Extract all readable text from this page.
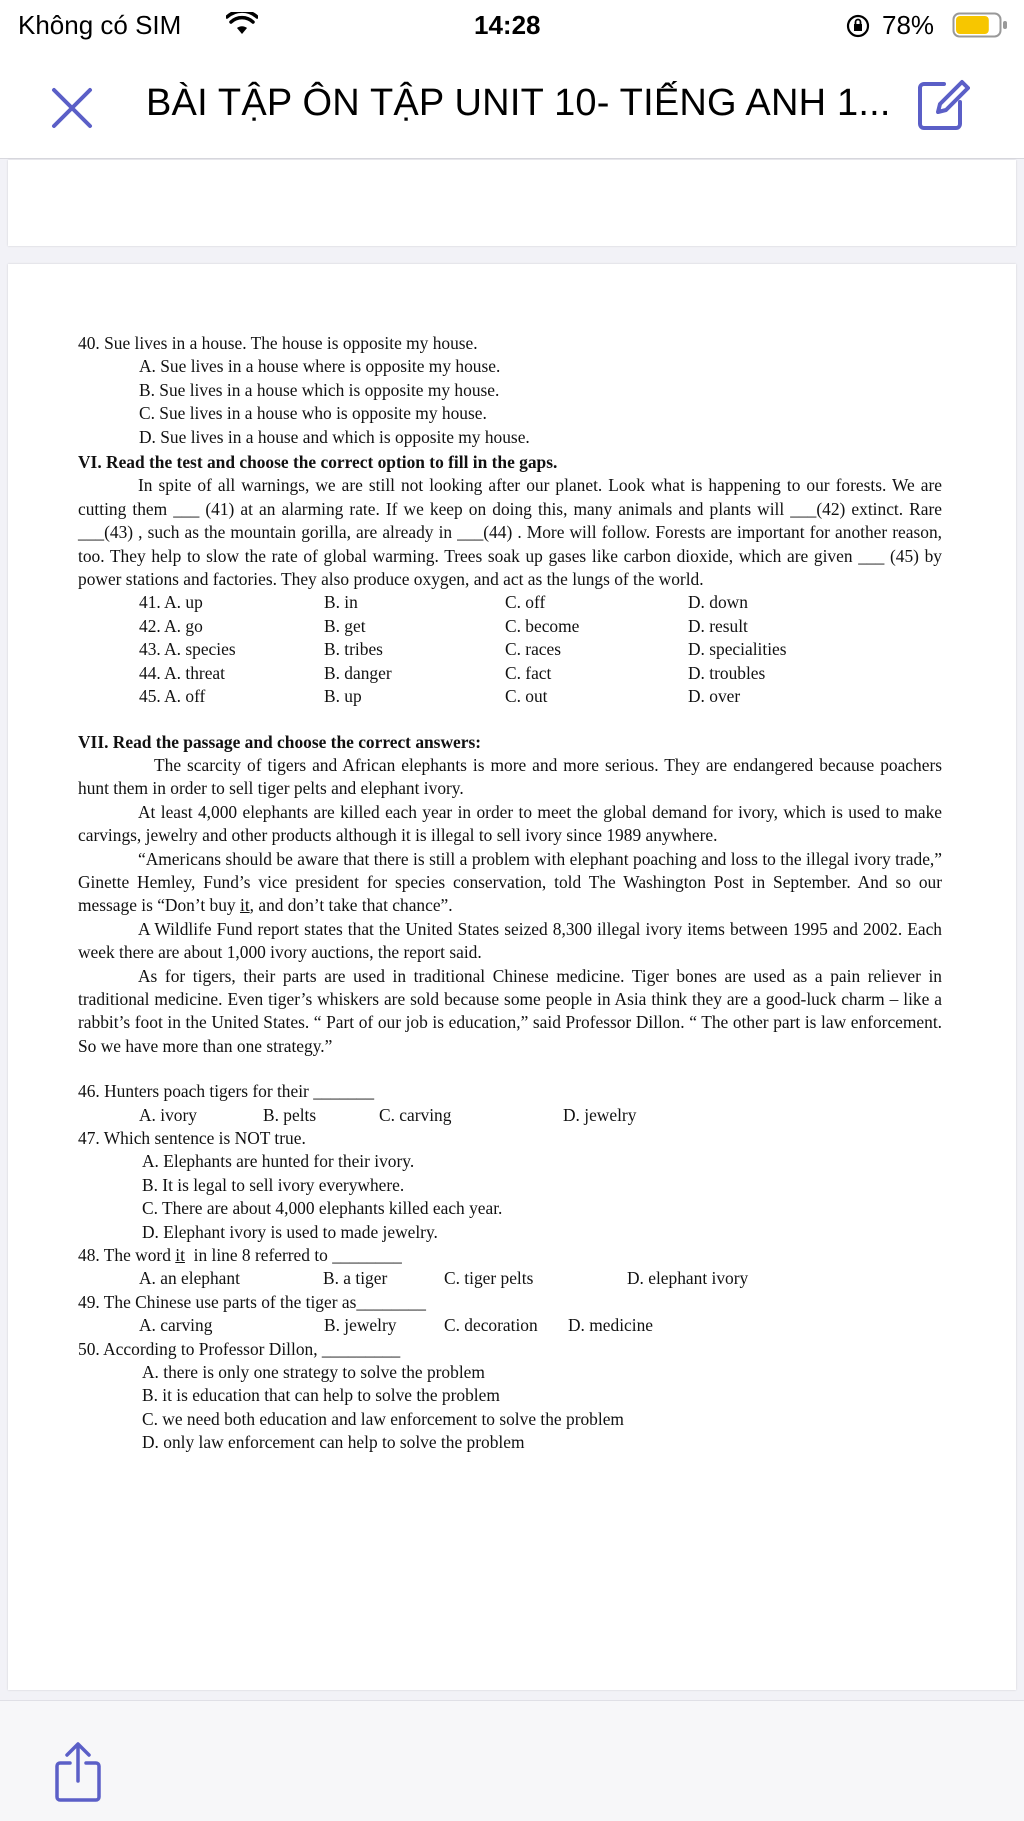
Không có SIM	14:28	78%
BÀI TẬP ÔN TẬP UNIT 10- TIẾNG ANH 1...
40. Sue lives in a house. The house is opposite my house.
A. Sue lives in a house where is opposite my house.
B. Sue lives in a house which is opposite my house.
C. Sue lives in a house who is opposite my house.
D. Sue lives in a house and which is opposite my house.
VI. Read the test and choose the correct option to fill in the gaps.
In spite of all warnings, we are still not looking after our planet. Look what is happening to our forests. We are cutting them ___ (41) at an alarming rate. If we keep on doing this, many animals and plants will ___(42) extinct. Rare ___(43) , such as the mountain gorilla, are already in ___(44) . More will follow. Forests are important for another reason, too. They help to slow the rate of global warming. Trees soak up gases like carbon dioxide, which are given ___ (45) by power stations and factories. They also produce oxygen, and act as the lungs of the world.
41. A. up	B. in	C. off	D. down
42. A. go	B. get	C. become	D. result
43. A. species	B. tribes	C. races	D. specialities
44. A. threat	B. danger	C. fact	D. troubles
45. A. off	B. up	C. out	D. over
VII. Read the passage and choose the correct answers:
The scarcity of tigers and African elephants is more and more serious. They are endangered because poachers hunt them in order to sell tiger pelts and elephant ivory.
At least 4,000 elephants are killed each year in order to meet the global demand for ivory, which is used to make carvings, jewelry and other products although it is illegal to sell ivory since 1989 anywhere.
“Americans should be aware that there is still a problem with elephant poaching and loss to the illegal ivory trade,” Ginette Hemley, Fund’s vice president for species conservation, told The Washington Post in September. And so our message is “Don’t buy it, and don’t take that chance”.
A Wildlife Fund report states that the United States seized 8,300 illegal ivory items between 1995 and 2002. Each week there are about 1,000 ivory auctions, the report said.
As for tigers, their parts are used in traditional Chinese medicine. Tiger bones are used as a pain reliever in traditional medicine. Even tiger’s whiskers are sold because some people in Asia think they are a good-luck charm – like a rabbit’s foot in the United States. “ Part of our job is education,” said Professor Dillon. “ The other part is law enforcement. So we have more than one strategy.”
46. Hunters poach tigers for their _______
A. ivory	B. pelts	C. carving	D. jewelry
47. Which sentence is NOT true.
A. Elephants are hunted for their ivory.
B. It is legal to sell ivory everywhere.
C. There are about 4,000 elephants killed each year.
D. Elephant ivory is used to made jewelry.
48. The word it  in line 8 referred to ________
A. an elephant	B. a tiger	C. tiger pelts	D. elephant ivory
49. The Chinese use parts of the tiger as________
A. carving	B. jewelry	C. decoration	D. medicine
50. According to Professor Dillon, _________
A. there is only one strategy to solve the problem
B. it is education that can help to solve the problem
C. we need both education and law enforcement to solve the problem
D. only law enforcement can help to solve the problem
